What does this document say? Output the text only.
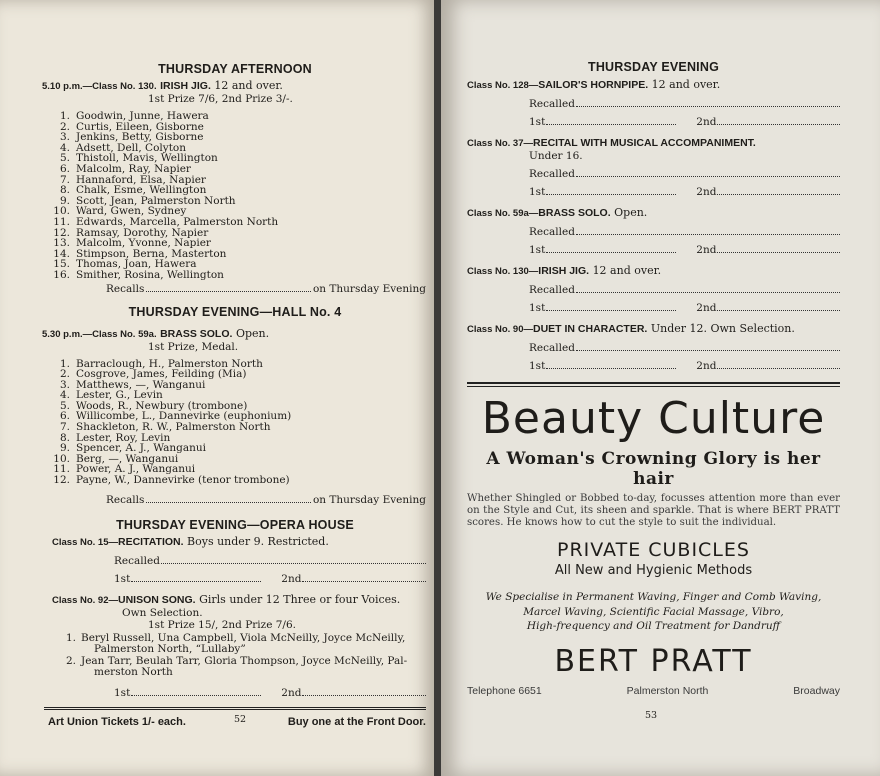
THURSDAY AFTERNOON
5.10 p.m.—Class No. 130. IRISH JIG. 12 and over.
1st Prize 7/6, 2nd Prize 3/-.
1. Goodwin, Junne, Hawera
2. Curtis, Eileen, Gisborne
3. Jenkins, Betty, Gisborne
4. Adsett, Dell, Colyton
5. Thistoll, Mavis, Wellington
6. Malcolm, Ray, Napier
7. Hannaford, Elsa, Napier
8. Chalk, Esme, Wellington
9. Scott, Jean, Palmerston North
10. Ward, Gwen, Sydney
11. Edwards, Marcella, Palmerston North
12. Ramsay, Dorothy, Napier
13. Malcolm, Yvonne, Napier
14. Stimpson, Berna, Masterton
15. Thomas, Joan, Hawera
16. Smither, Rosina, Wellington
Recalls	on Thursday Evening
THURSDAY EVENING—HALL No. 4
5.30 p.m.—Class No. 59a. BRASS SOLO. Open.
1st Prize, Medal.
1. Barraclough, H., Palmerston North
2. Cosgrove, James, Feilding (Mia)
3. Matthews, —, Wanganui
4. Lester, G., Levin
5. Woods, R., Newbury (trombone)
6. Willicombe, L., Dannevirke (euphonium)
7. Shackleton, R. W., Palmerston North
8. Lester, Roy, Levin
9. Spencer, A. J., Wanganui
10. Berg, —, Wanganui
11. Power, A. J., Wanganui
12. Payne, W., Dannevirke (tenor trombone)
Recalls	on Thursday Evening
THURSDAY EVENING—OPERA HOUSE
Class No. 15—RECITATION. Boys under 9. Restricted.
Recalled
1st	2nd
Class No. 92—UNISON SONG. Girls under 12 Three or four Voices.
Own Selection.
1st Prize 15/, 2nd Prize 7/6.
1. Beryl Russell, Una Campbell, Viola McNeilly, Joyce McNeilly,
Palmerston North, “Lullaby”
2. Jean Tarr, Beulah Tarr, Gloria Thompson, Joyce McNeilly, Pal-
merston North
1st	2nd
Art Union Tickets 1/- each.	Buy one at the Front Door.
52
THURSDAY EVENING
Class No. 128—SAILOR'S HORNPIPE. 12 and over.
Recalled
1st	2nd
Class No. 37—RECITAL WITH MUSICAL ACCOMPANIMENT.
Under 16.
Recalled
1st	2nd
Class No. 59a—BRASS SOLO. Open.
Recalled
1st	2nd
Class No. 130—IRISH JIG. 12 and over.
Recalled
1st	2nd
Class No. 90—DUET IN CHARACTER. Under 12. Own Selection.
Recalled
1st	2nd
Beauty Culture
A Woman's Crowning Glory is her hair
Whether Shingled or Bobbed to-day, focusses attention more than ever on the Style and Cut, its sheen and sparkle. That is where BERT PRATT scores. He knows how to cut the style to suit the individual.
PRIVATE CUBICLES
All New and Hygienic Methods
We Specialise in Permanent Waving, Finger and Comb Waving,
Marcel Waving, Scientific Facial Massage, Vibro,
High-frequency and Oil Treatment for Dandruff
BERT PRATT
Telephone 6651	Palmerston North	Broadway
53
